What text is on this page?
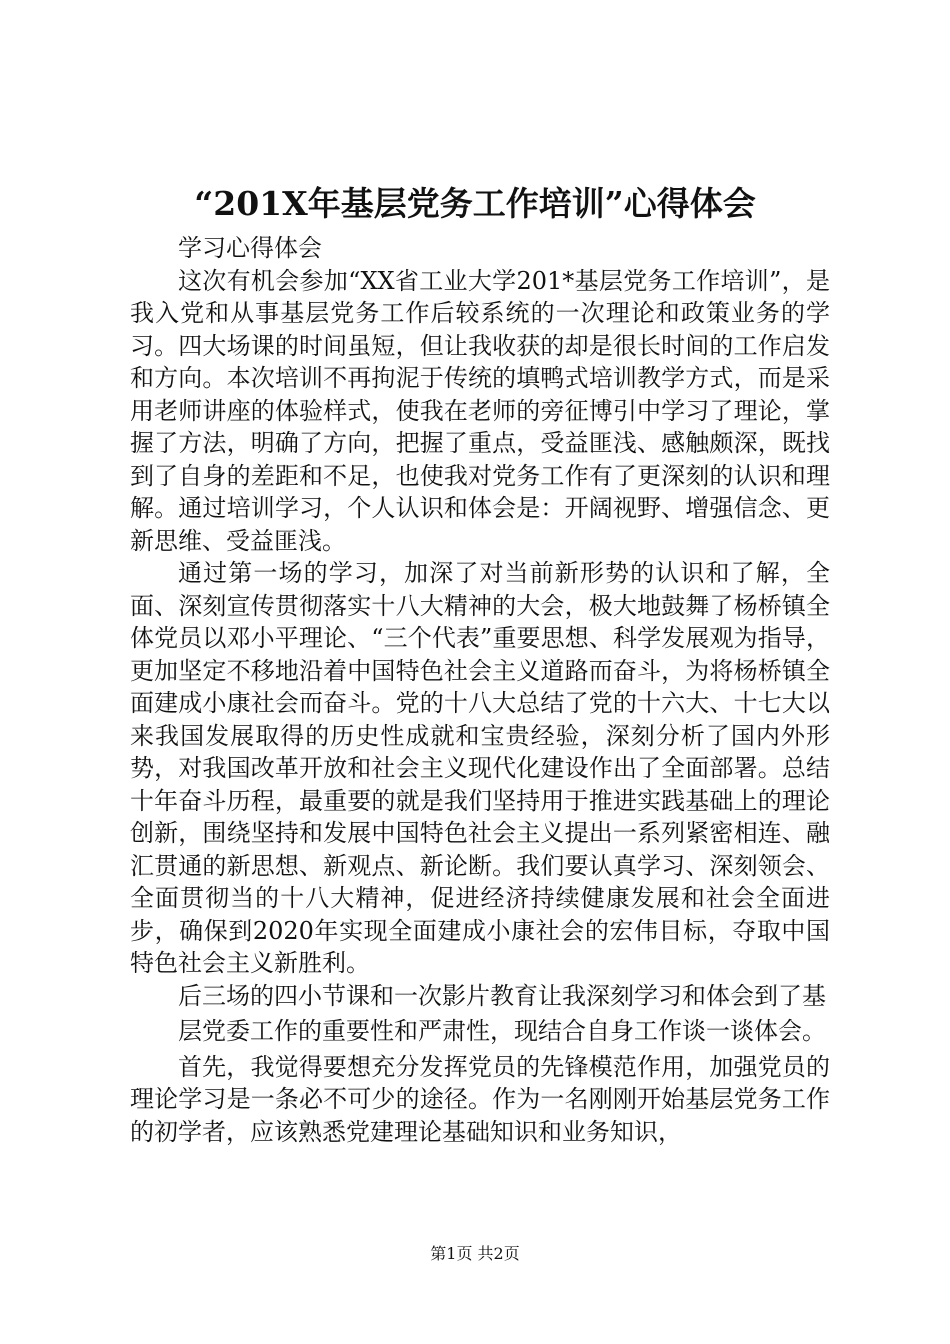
“201X年基层党务工作培训”心得体会

学习心得体会

这次有机会参加“XX省工业大学201*基层党务工作培训”，是我入党和从事基层党务工作后较系统的一次理论和政策业务的学习。四大场课的时间虽短，但让我收获的却是很长时间的工作启发和方向。本次培训不再拘泥于传统的填鸭式培训教学方式，而是采用老师讲座的体验样式，使我在老师的旁征博引中学习了理论，掌握了方法，明确了方向，把握了重点，受益匪浅、感触颇深，既找到了自身的差距和不足，也使我对党务工作有了更深刻的认识和理解。通过培训学习，个人认识和体会是：开阔视野、增强信念、更新思维、受益匪浅。

通过第一场的学习，加深了对当前新形势的认识和了解，全面、深刻宣传贯彻落实十八大精神的大会，极大地鼓舞了杨桥镇全体党员以邓小平理论、“三个代表”重要思想、科学发展观为指导，更加坚定不移地沿着中国特色社会主义道路而奋斗，为将杨桥镇全面建成小康社会而奋斗。党的十八大总结了党的十六大、十七大以来我国发展取得的历史性成就和宝贵经验，深刻分析了国内外形势，对我国改革开放和社会主义现代化建设作出了全面部署。总结十年奋斗历程，最重要的就是我们坚持用于推进实践基础上的理论创新，围绕坚持和发展中国特色社会主义提出一系列紧密相连、融汇贯通的新思想、新观点、新论断。我们要认真学习、深刻领会、全面贯彻当的十八大精神，促进经济持续健康发展和社会全面进步，确保到2020年实现全面建成小康社会的宏伟目标，夺取中国特色社会主义新胜利。

后三场的四小节课和一次影片教育让我深刻学习和体会到了基

层党委工作的重要性和严肃性，现结合自身工作谈一谈体会。

首先，我觉得要想充分发挥党员的先锋模范作用，加强党员的理论学习是一条必不可少的途径。作为一名刚刚开始基层党务工作的初学者，应该熟悉党建理论基础知识和业务知识，

第1页 共2页
